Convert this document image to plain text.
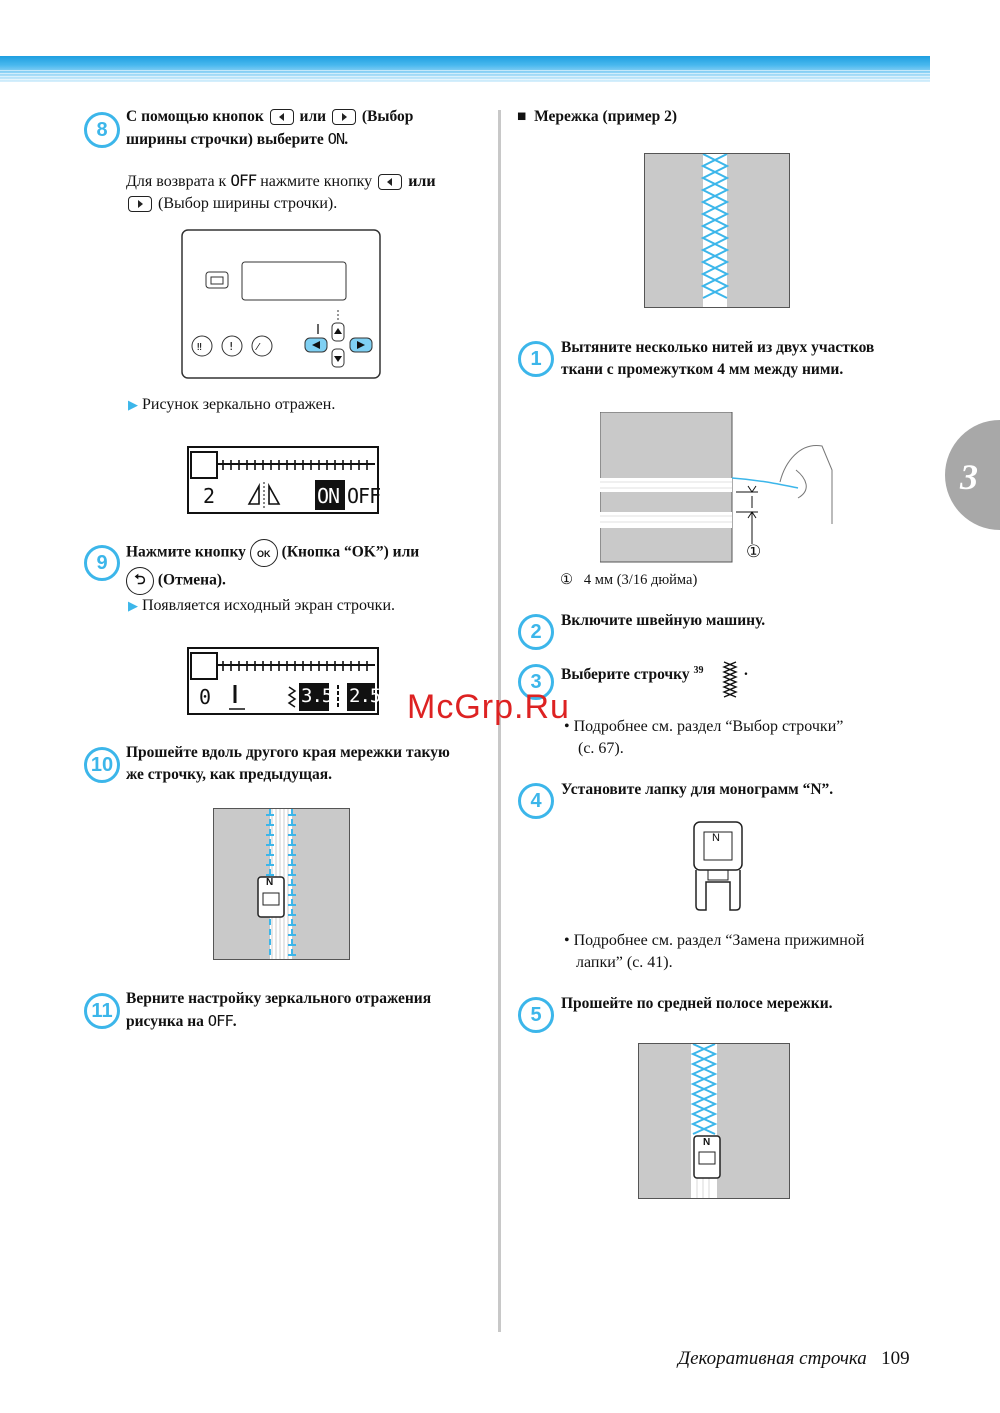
3
8
С помощью кнопок или (Выбор
ширины строчки) выберите ON.
Для возврата к OFF нажмите кнопку или
(Выбор ширины строчки).
‼ ! ⁄
▶ Рисунок зеркально отражен.
2	ON OFF
9	Нажмите кнопку OK (Кнопка “OK”) или
⮌ (Отмена).
▶ Появляется исходный экран строчки.
0	3.5 2.5
10
Прошейте вдоль другого края мережки такую
же строчку, как предыдущая.
N
11
Верните настройку зеркального отражения
рисунка на OFF.
■ Мережка (пример 2)
1	Вытяните несколько нитей из двух участков
ткани с промежутком 4 мм между ними.
①
① 4 мм (3/16 дюйма)
2	Включите швейную машину.
3	Выберите строчку $^{39}$	.
• Подробнее см. раздел “Выбор строчки”
(с. 67).
4	Установите лапку для монограмм “N”.
N
• Подробнее см. раздел “Замена прижимной
лапки” (с. 41).
5	Прошейте по средней полосе мережки.
N
McGrp.Ru
Декоративная строчка 109
